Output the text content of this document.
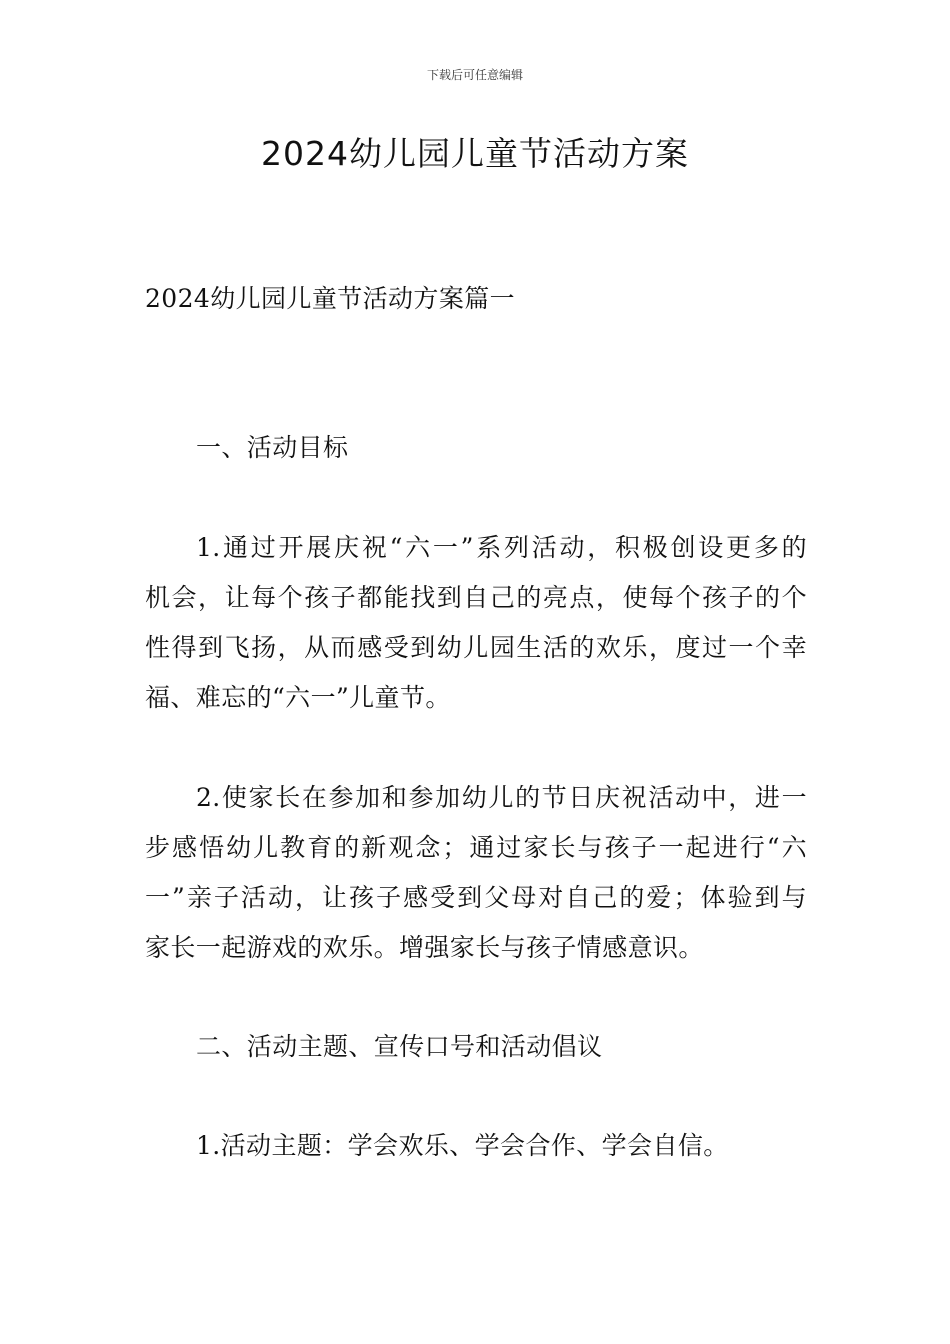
下载后可任意编辑
2024幼儿园儿童节活动方案
2024幼儿园儿童节活动方案篇一
一、活动目标
1.通过开展庆祝“六一”系列活动，积极创设更多的
机会，让每个孩子都能找到自己的亮点，使每个孩子的个
性得到飞扬，从而感受到幼儿园生活的欢乐，度过一个幸
福、难忘的“六一”儿童节。
2.使家长在参加和参加幼儿的节日庆祝活动中，进一
步感悟幼儿教育的新观念；通过家长与孩子一起进行“六
一”亲子活动，让孩子感受到父母对自己的爱；体验到与
家长一起游戏的欢乐。增强家长与孩子情感意识。
二、活动主题、宣传口号和活动倡议
1.活动主题：学会欢乐、学会合作、学会自信。
